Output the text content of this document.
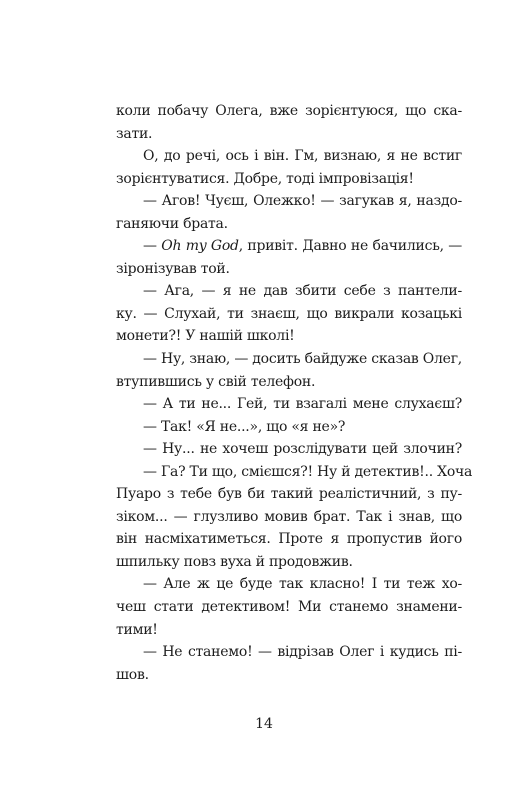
коли побачу Олега, вже зорієнтуюся, що ска-
зати.
О, до речі, ось і він. Гм, визнаю, я не встиг
зорієнтуватися. Добре, тоді імпровізація!
— Агов! Чуєш, Олежко! — загукав я, наздо-
ганяючи брата.
— Oh my God, привіт. Давно не бачились, —
зіронізував той.
— Ага, — я не дав збити себе з пантели-
ку. — Слухай, ти знаєш, що викрали козацькі
монети?! У нашій школі!
— Ну, знаю, — досить байдуже сказав Олег,
втупившись у свій телефон.
— А ти не... Гей, ти взагалі мене слухаєш?
— Так! «Я не...», що «я не»?
— Ну... не хочеш розслідувати цей злочин?
— Га? Ти що, смієшся?! Ну й детектив!.. Хоча
Пуаро з тебе був би такий реалістичний, з пу-
зіком... — глузливо мовив брат. Так і знав, що
він насміхатиметься. Проте я пропустив його
шпильку повз вуха й продовжив.
— Але ж це буде так класно! І ти теж хо-
чеш стати детективом! Ми станемо знамени-
тими!
— Не станемо! — відрізав Олег і кудись пі-
шов.
14
